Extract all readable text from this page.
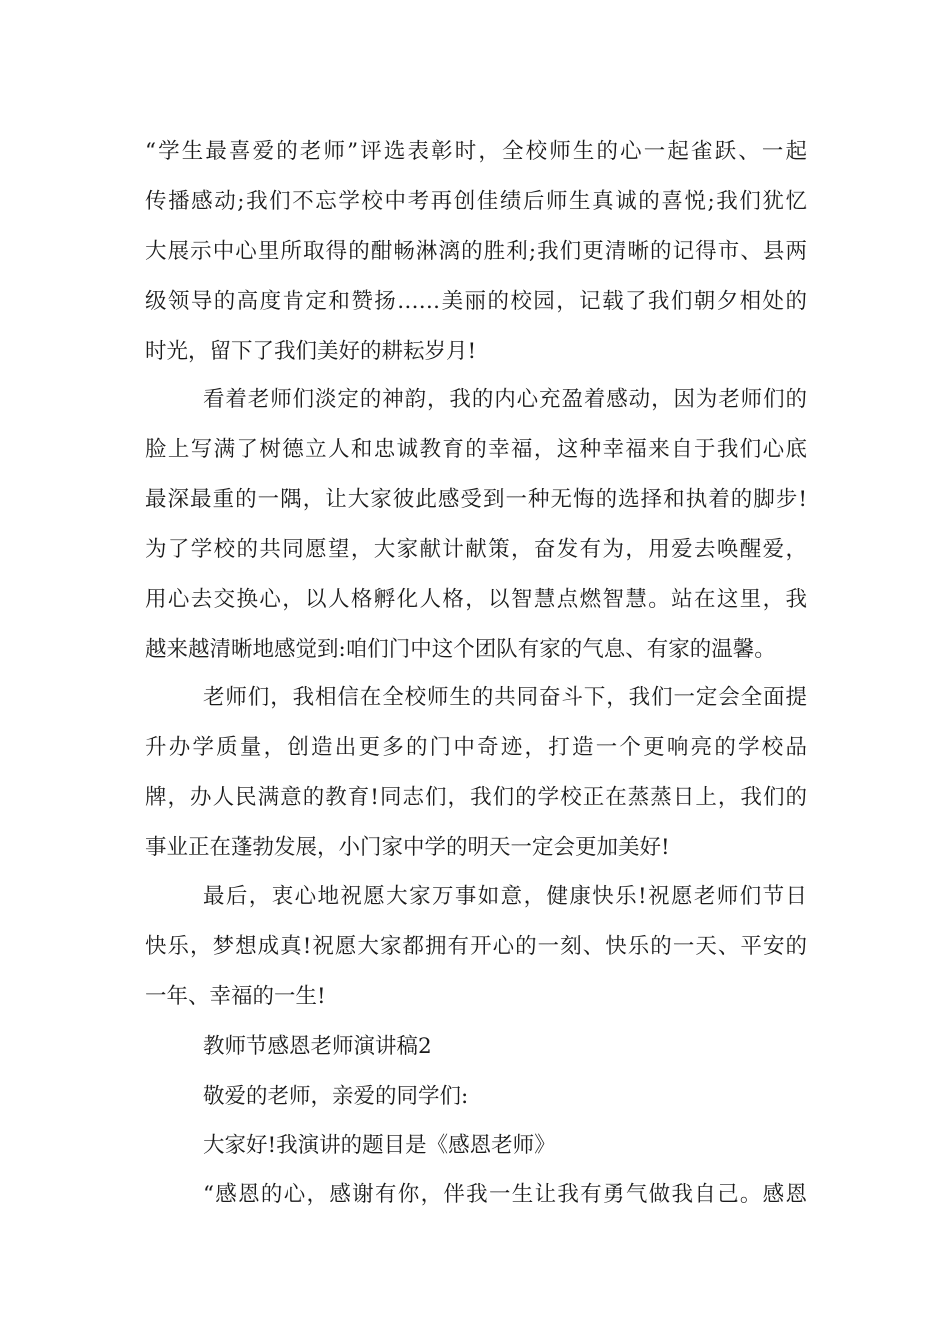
“学生最喜爱的老师”评选表彰时，全校师生的心一起雀跃、一起
传播感动;我们不忘学校中考再创佳绩后师生真诚的喜悦;我们犹忆
大展示中心里所取得的酣畅淋漓的胜利;我们更清晰的记得市、县两
级领导的高度肯定和赞扬……美丽的校园，记载了我们朝夕相处的
时光，留下了我们美好的耕耘岁月!
看着老师们淡定的神韵，我的内心充盈着感动，因为老师们的
脸上写满了树德立人和忠诚教育的幸福，这种幸福来自于我们心底
最深最重的一隅，让大家彼此感受到一种无悔的选择和执着的脚步!
为了学校的共同愿望，大家献计献策，奋发有为，用爱去唤醒爱，
用心去交换心，以人格孵化人格，以智慧点燃智慧。站在这里，我
越来越清晰地感觉到:咱们门中这个团队有家的气息、有家的温馨。
老师们，我相信在全校师生的共同奋斗下，我们一定会全面提
升办学质量，创造出更多的门中奇迹，打造一个更响亮的学校品
牌，办人民满意的教育!同志们，我们的学校正在蒸蒸日上，我们的
事业正在蓬勃发展，小门家中学的明天一定会更加美好!
最后，衷心地祝愿大家万事如意，健康快乐!祝愿老师们节日
快乐，梦想成真!祝愿大家都拥有开心的一刻、快乐的一天、平安的
一年、幸福的一生!
教师节感恩老师演讲稿2
敬爱的老师，亲爱的同学们:
大家好!我演讲的题目是《感恩老师》
“感恩的心，感谢有你，伴我一生让我有勇气做我自己。感恩
